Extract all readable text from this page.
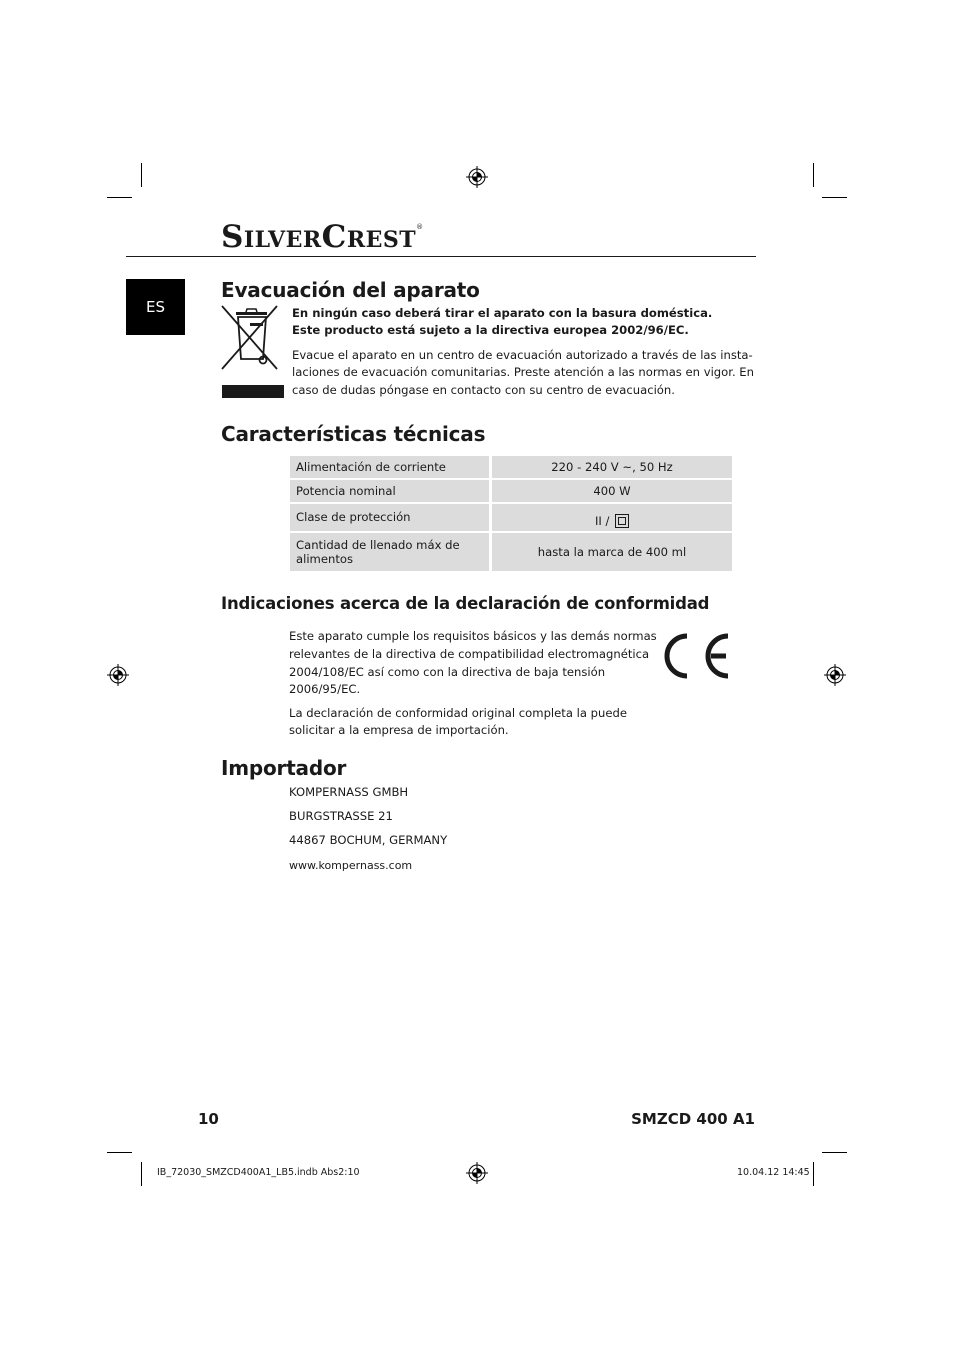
SILVERCREST®
ES
Evacuación del aparato

En ningún caso deberá tirar el aparato con la basura doméstica.

Este producto está sujeto a la directiva europea 2002/96/EC.

Evacue el aparato en un centro de evacuación autorizado a través de las insta-

laciones de evacuación comunitarias. Preste atención a las normas en vigor. En

caso de dudas póngase en contacto con su centro de evacuación.

Características técnicas
Alimentación de corriente	220 - 240 V ~, 50 Hz
Potencia nominal	400 W
Clase de protección	II /
Cantidad de llenado máx de alimentos	hasta la marca de 400 ml
Indicaciones acerca de la declaración de conformidad

Este aparato cumple los requisitos básicos y las demás normas

relevantes de la directiva de compatibilidad electromagnética

2004/108/EC así como con la directiva de baja tensión

2006/95/EC.

La declaración de conformidad original completa la puede

solicitar a la empresa de importación.

Importador

KOMPERNASS GMBH

BURGSTRASSE 21

44867 BOCHUM, GERMANY

www.kompernass.com

10	SMZCD 400 A1
IB_72030_SMZCD400A1_LB5.indb Abs2:10	10.04.12 14:45
